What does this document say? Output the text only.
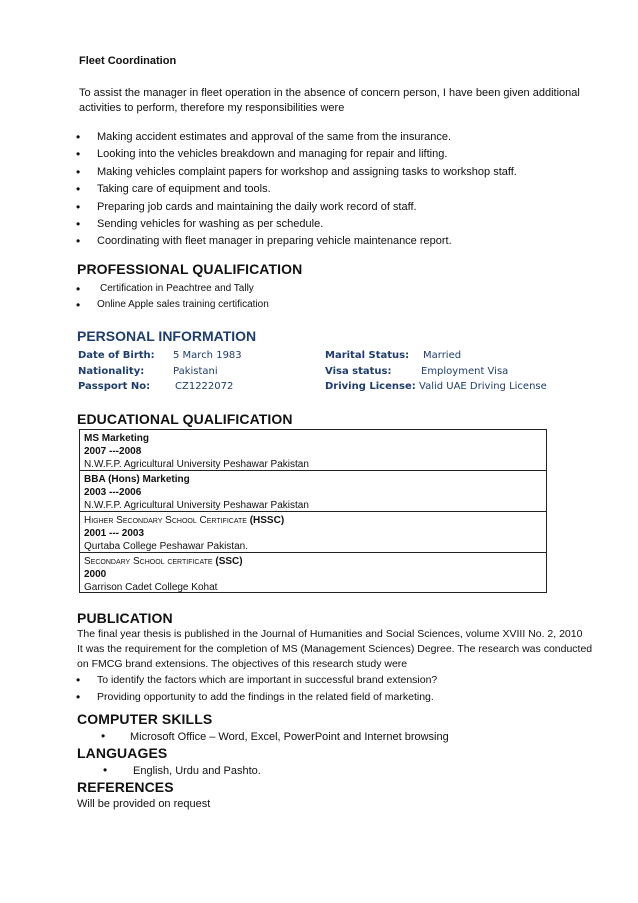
Fleet Coordination
To assist the manager in fleet operation in the absence of concern person, I have been given additional
activities to perform, therefore my responsibilities were
• Making accident estimates and approval of the same from the insurance.
• Looking into the vehicles breakdown and managing for repair and lifting.
• Making vehicles complaint papers for workshop and assigning tasks to workshop staff.
• Taking care of equipment and tools.
• Preparing job cards and maintaining the daily work record of staff.
• Sending vehicles for washing as per schedule.
• Coordinating with fleet manager in preparing vehicle maintenance report.
PROFESSIONAL QUALIFICATION
• Certification in Peachtree and Tally
• Online Apple sales training certification
PERSONAL INFORMATION
Date of Birth: 5 March 1983	Marital Status: Married
Nationality:	Pakistani	Visa status:	Employment Visa
Passport No: CZ1222072	Driving License: Valid UAE Driving License
EDUCATIONAL QUALIFICATION
MS Marketing
2007 ---2008
N.W.F.P. Agricultural University Peshawar Pakistan
BBA (Hons) Marketing
2003 ---2006
N.W.F.P. Agricultural University Peshawar Pakistan
Higher Secondary School Certificate (HSSC)
2001 --- 2003
Qurtaba College Peshawar Pakistan.
Secondary School certificate (SSC)
2000
Garrison Cadet College Kohat
PUBLICATION
The final year thesis is published in the Journal of Humanities and Social Sciences, volume XVIII No. 2, 2010
It was the requirement for the completion of MS (Management Sciences) Degree. The research was conducted
on FMCG brand extensions. The objectives of this research study were
• To identify the factors which are important in successful brand extension?
• Providing opportunity to add the findings in the related field of marketing.
COMPUTER SKILLS
• Microsoft Office – Word, Excel, PowerPoint and Internet browsing
LANGUAGES
• English, Urdu and Pashto.
REFERENCES
Will be provided on request
